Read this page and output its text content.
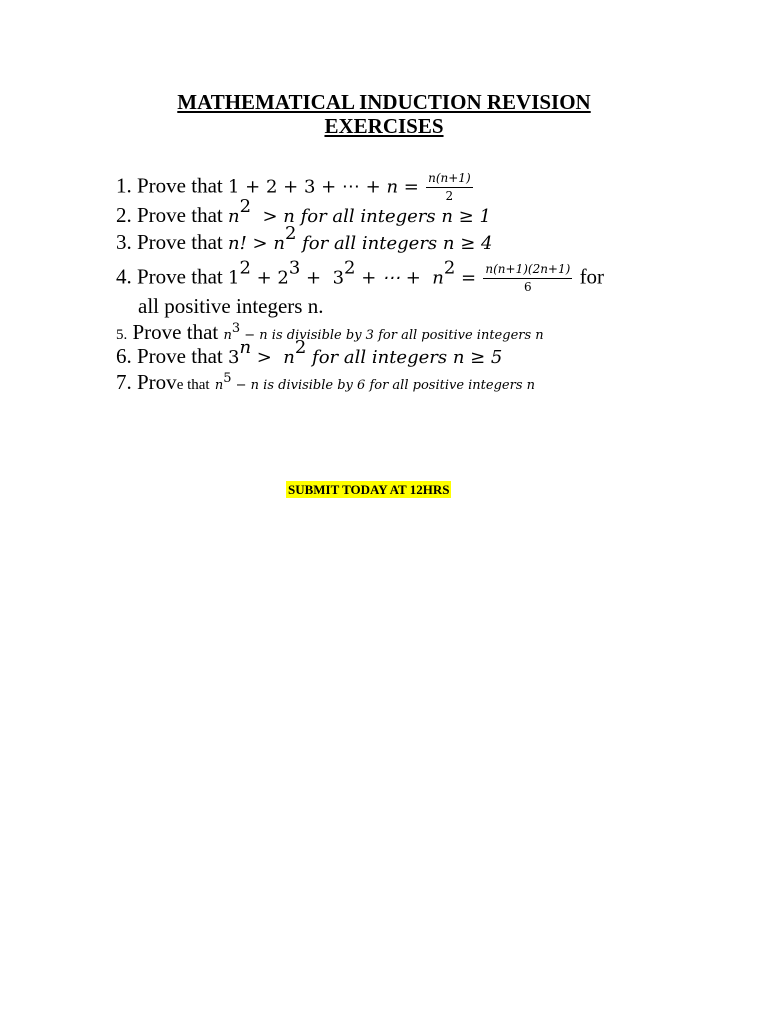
MATHEMATICAL INDUCTION REVISION
EXERCISES
1. Prove that 1 + 2 + 3 + ⋯ + $n = \frac{n(n+1)}{2}$
2. Prove that $n^2 > n$ for all integers n ≥ 1
3. Prove that n! > $n^2$ for all integers n ≥ 4
4. Prove that $1^2 + 2^3 + 3^2$ + ⋯ +  $n^2 = \frac{n(n+1)(2n+1)}{6}$ for
all positive integers n.
5. Prove that $n^3 - n$ is divisible by 3 for all positive integers n
6. Prove that $3^n > n^2$ for all integers n ≥ 5
7. Prove that $n^5 - n$ is divisible by 6 for all positive integers n
SUBMIT TODAY AT 12HRS
